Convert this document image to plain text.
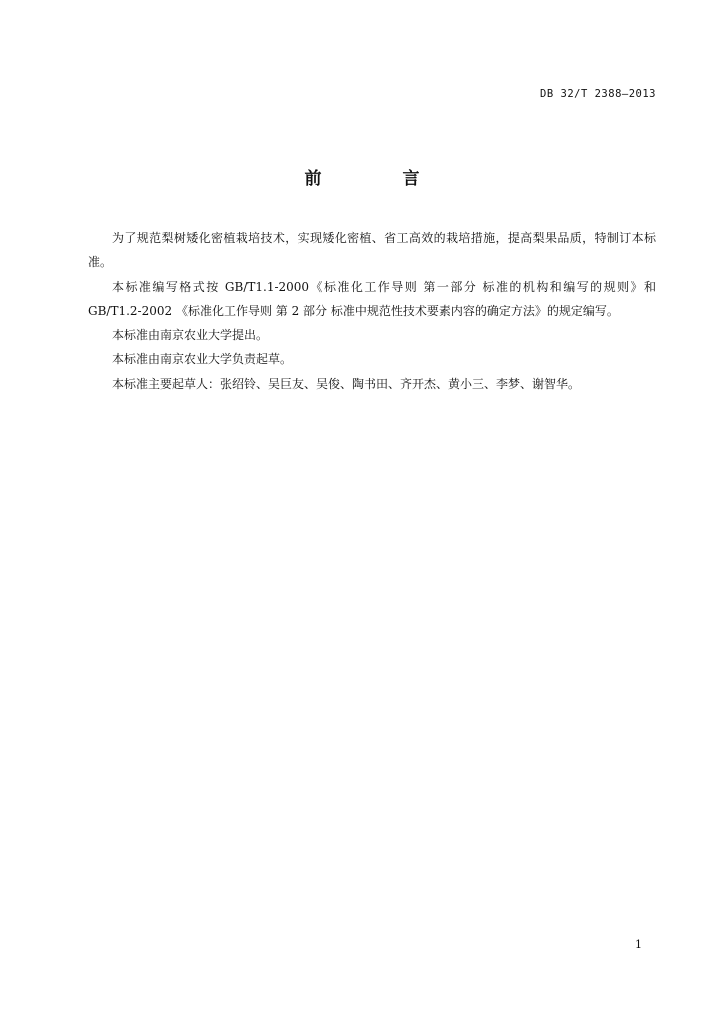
DB 32/T 2388—2013
前　言

为了规范梨树矮化密植栽培技术，实现矮化密植、省工高效的栽培措施，提高梨果品质，特制订本标准。

本标准编写格式按 GB/T1.1-2000《标准化工作导则 第一部分 标准的机构和编写的规则》和GB/T1.2-2002 《标准化工作导则 第 2 部分 标准中规范性技术要素内容的确定方法》的规定编写。

本标准由南京农业大学提出。

本标准由南京农业大学负责起草。

本标准主要起草人：张绍铃、吴巨友、吴俊、陶书田、齐开杰、黄小三、李梦、谢智华。

1
